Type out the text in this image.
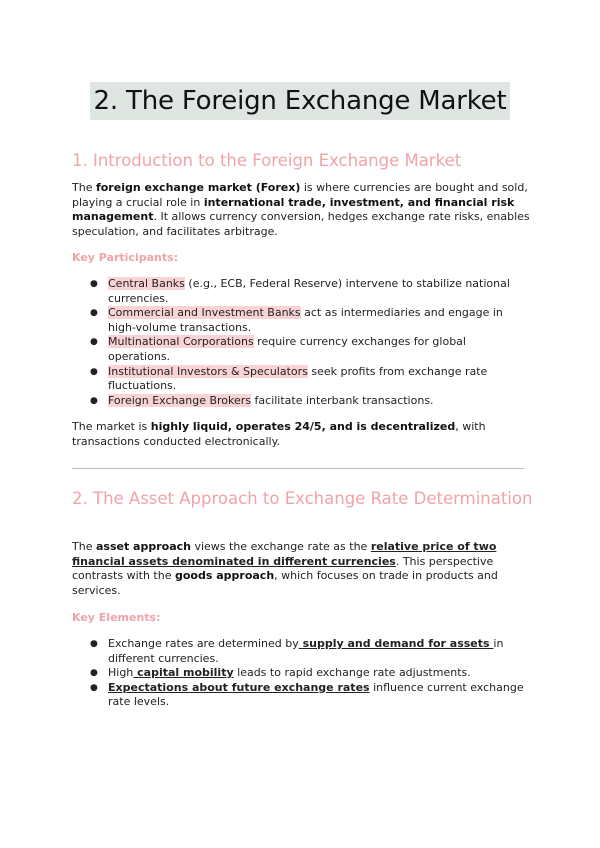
2. The Foreign Exchange Market
1. Introduction to the Foreign Exchange Market

The foreign exchange market (Forex) is where currencies are bought and sold, playing a crucial role in international trade, investment, and financial risk management. It allows currency conversion, hedges exchange rate risks, enables speculation, and facilitates arbitrage.

Key Participants:
● Central Banks (e.g., ECB, Federal Reserve) intervene to stabilize national currencies.
● Commercial and Investment Banks act as intermediaries and engage in high-volume transactions.
● Multinational Corporations require currency exchanges for global operations.
● Institutional Investors & Speculators seek profits from exchange rate fluctuations.
● Foreign Exchange Brokers facilitate interbank transactions.

The market is highly liquid, operates 24/5, and is decentralized, with transactions conducted electronically.

2. The Asset Approach to Exchange Rate Determination

The asset approach views the exchange rate as the relative price of two financial assets denominated in different currencies. This perspective contrasts with the goods approach, which focuses on trade in products and services.

Key Elements:
● Exchange rates are determined by supply and demand for assets in different currencies.
● High capital mobility leads to rapid exchange rate adjustments.
● Expectations about future exchange rates influence current exchange rate levels.
